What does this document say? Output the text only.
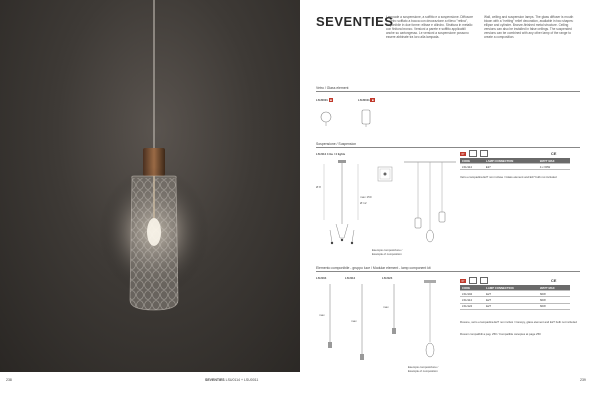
238	SEVENTIES LSU0114 + LSU0011
SEVENTIES
Lampade a sospensione, a soffitto e a sospensione. Diffusore in vetro soffiato a bocca con decorazione a rilievo "retina", disponibile in due forme: ellisse e cilindro. Struttura in metallo con finitura bronzo. Versioni a parete e soffitto applicabili anche su cartongesso. Le versioni a sospensione possono essere abbinate tra loro alla lampada.
Wall, ceiling and suspension lamps. The glass diffuser is mouth blown with a "netting" relief decoration, available in two shapes: ellipse and cylinder. Bronze-finished metal structure. Ceiling versions can also be installed in false ceilings. The suspended versions can be combined with any other lamp of the range to create a composition.
Vetro / Glass element
LSU0001 ■	LSU0011 ■
Sospensione / Suspension
LSU114 4 Gu / 4 lights
Ø 8
max 150
Ø 12
Esempio composizione / Example of composition
IP	CE
CODE	LAMP CONNECTION	WATT MAX
LSU114	E27	4 x 60W
Vetro e lampadina E27 non incluse / Glass element and E27 bulb not included
Elemento componibile - gruppo luce / Modular element - lamp component kit
LSU104	LSU114	LSU124
max
max
max
Esempio composizione / Example of composition
IP	CE
CODE	LAMP CONNECTION	WATT MAX
LSU104	E27	60W
LSU114	E27	60W
LSU124	E27	60W
Rosone, vetro e lampadina E27 non inclusi / Canopy, glass element and E27 bulb not included
Rosoni compatibili a pag. 250 / Compatible canopies at page 250
239
